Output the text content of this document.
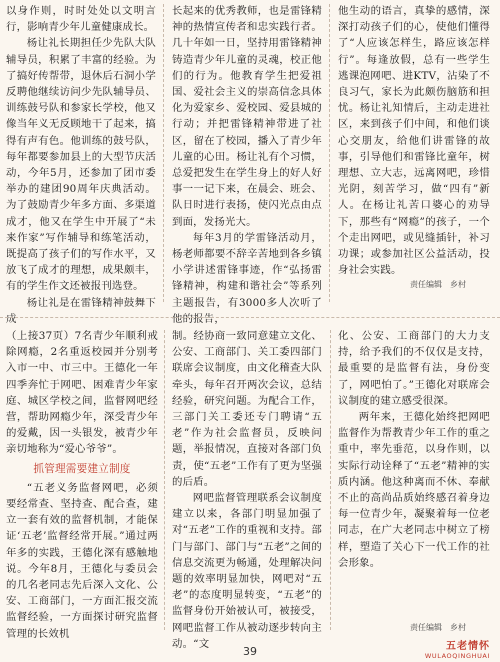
以身作则，时时处处以文明言行，影响青少年儿童健康成长。

杨让礼长期担任少先队大队辅导员，积累了丰富的经验。为了搞好传帮带，退休后石洞小学反聘他继续访问少先队辅导员、训练鼓号队和参家长学校，他又像当年义无反顾地干了起来，搞得有声有色。他训练的鼓号队，每年都要参加县上的大型节庆活动，今年5月，还参加了团市委举办的建团90周年庆典活动。为了鼓励青少年多方面、多渠道成才，他又在学生中开展了“未来作家”写作辅导和练笔活动，既提高了孩子们的写作水平，又放飞了成才的理想，成果颇丰，有的学生作文还被报刊选登。

杨让礼是在雷锋精神鼓舞下成

长起来的优秀教师，也是雷锋精神的热情宣传者和忠实践行者。几十年如一日，坚持用雷锋精神铸造青少年儿童的灵魂，校正他们的行为。他教育学生把爱祖国、爱社会主义的崇高信念具体化为爱家乡、爱校园、爱县城的行动；并把雷锋精神带进了社区，留在了校园，播入了青少年儿童的心田。杨让礼有个习惯，总爱把发生在学生身上的好人好事一一记下来，在晨会、班会、队日时进行表扬，使闪光点由点到面，发扬光大。

每年3月的学雷锋活动月，杨老师都要不辞辛苦地到各乡镇小学讲述雷锋事迹，作“弘扬雷锋精神，构建和谐社会”等系列主题报告，有3000多人次听了他的报告，

他生动的语言，真挚的感情，深深打动孩子们的心，使他们懂得了“人应该怎样生，路应该怎样行”。每逢放假，总有一些学生逃课泡网吧、进KTV，沾染了不良习气，家长为此颇伤脑筋和担忧。杨让礼知情后，主动走进社区，来到孩子们中间，和他们谈心交朋友，给他们讲雷锋的故事，引导他们和雷锋比童年，树理想、立大志，远离网吧，珍惜光阴，刻苦学习，做“四有”新人。在杨让礼苦口婆心的劝导下，那些有“网瘾”的孩子，一个个走出网吧，或见缝插针，补习功课；或参加社区公益活动，投身社会实践。

责任编辑　乡村

（上接37页）7名青少年顺利戒除网瘾，2名重返校园并分别考入市一中、市三中。王德化一年四季奔忙于网吧、困难青少年家庭、城区学校之间，监督网吧经营，帮助网瘾少年，深受青少年的爱戴，因一头银发，被青少年亲切地称为“爱心爷爷”。

抓管理需要建立制度

“五老义务监督网吧，必须要经常查、坚持查、配合查，建立一套有效的监督机制，才能保证‘五老’监督经常开展。”通过两年多的实践，王德化深有感触地说。今年8月，王德化与委员会的几名老同志先后深入文化、公安、工商部门，一方面汇报交流监督经验，一方面探讨研究监督管理的长效机

制。经协商一致同意建立文化、公安、工商部门、关工委四部门联席会议制度，由文化稽查大队牵头，每年召开两次会议，总结经验，研究问题。为配合工作，三部门关工委还专门聘请“五老”作为社会监督员，反映问题，举报情况，直接对各部门负责，使“五老”工作有了更为坚强的后盾。

网吧监督管理联系会议制度建立以来，各部门明显加强了对“五老”工作的重视和支持。部门与部门、部门与“五老”之间的信息交流更为畅通，处理解决问题的效率明显加快，网吧对“五老”的态度明显转变，“五老”的监督身份开始被认可，被接受，网吧监督工作从被动逐步转向主动。“文

化、公安、工商部门的大力支持，给予我们的不仅仅是支持，最重要的是监督有法，身份变了，网吧怕了。”王德化对联席会议制度的建立感受很深。

两年来，王德化始终把网吧监督作为帮教青少年工作的重之重中，率先垂范，以身作则，以实际行动诠释了“五老”精神的实质内涵。他这种离而不休、奉献不止的高尚品质始终感召着身边每一位青少年，凝聚着每一位老同志，在广大老同志中树立了榜样，塑造了关心下一代工作的社会形象。

责任编辑　乡村
39	五老情怀
WULAOQINGHUAI
